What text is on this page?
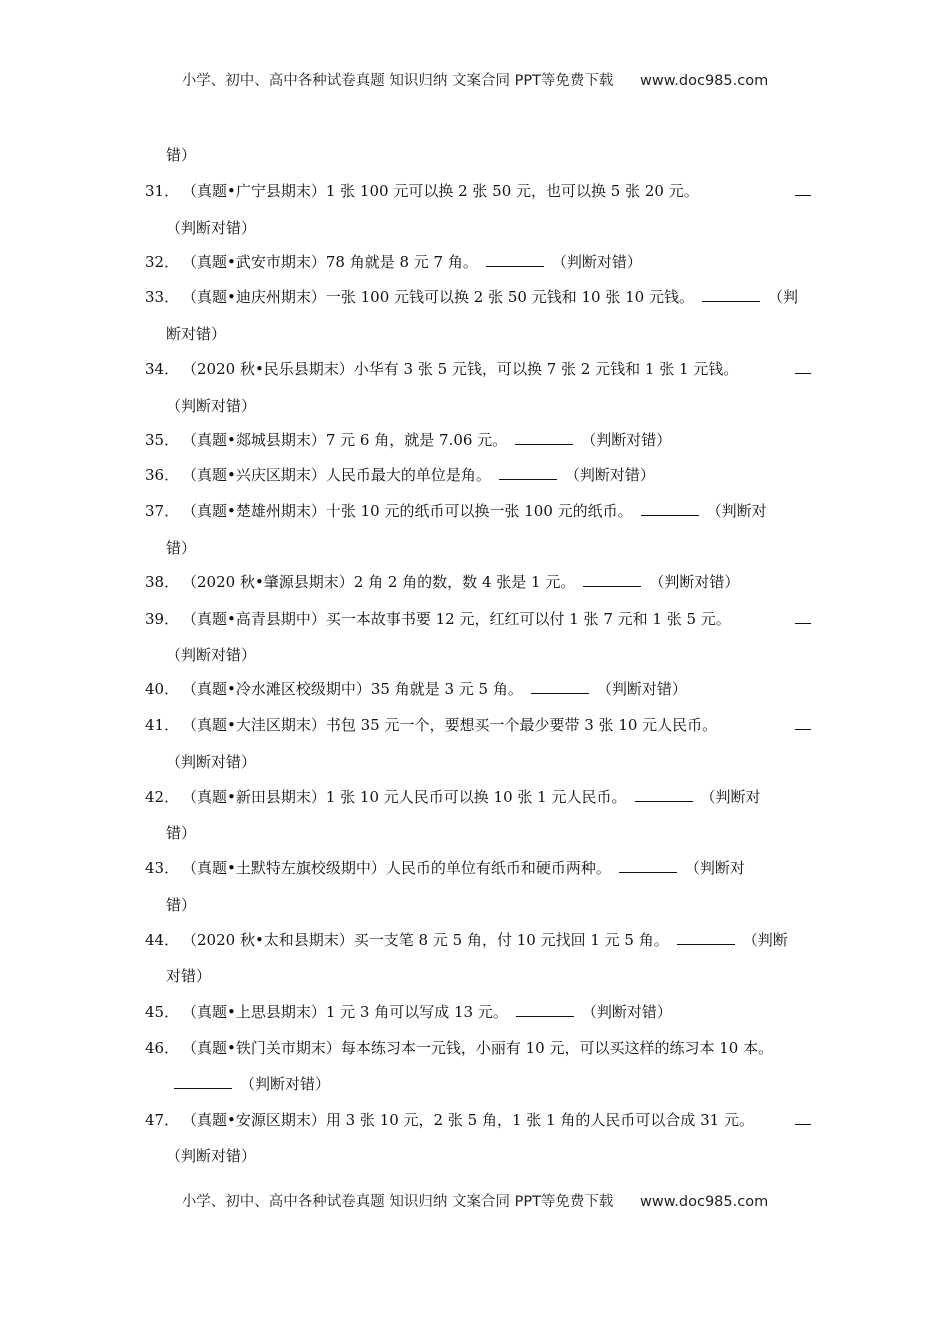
小学、初中、高中各种试卷真题 知识归纳 文案合同 PPT等免费下载 www.doc985.com
错）
31． （真题•广宁县期末）1 张 100 元可以换 2 张 50 元，也可以换 5 张 20 元。
（判断对错）
32． （真题•武安市期末）78 角就是 8 元 7 角。	（判断对错）
33． （真题•迪庆州期末）一张 100 元钱可以换 2 张 50 元钱和 10 张 10 元钱。	（判
断对错）
34． （2020 秋•民乐县期末）小华有 3 张 5 元钱，可以换 7 张 2 元钱和 1 张 1 元钱。
（判断对错）
35． （真题•郯城县期末）7 元 6 角，就是 7.06 元。	（判断对错）
36． （真题•兴庆区期末）人民币最大的单位是角。	（判断对错）
37． （真题•楚雄州期末）十张 10 元的纸币可以换一张 100 元的纸币。	（判断对
错）
38． （2020 秋•肇源县期末）2 角 2 角的数，数 4 张是 1 元。	（判断对错）
39． （真题•高青县期中）买一本故事书要 12 元，红红可以付 1 张 7 元和 1 张 5 元。
（判断对错）
40． （真题•冷水滩区校级期中）35 角就是 3 元 5 角。	（判断对错）
41． （真题•大洼区期末）书包 35 元一个，要想买一个最少要带 3 张 10 元人民币。
（判断对错）
42． （真题•新田县期末）1 张 10 元人民币可以换 10 张 1 元人民币。	（判断对
错）
43． （真题•土默特左旗校级期中）人民币的单位有纸币和硬币两种。	（判断对
错）
44． （2020 秋•太和县期末）买一支笔 8 元 5 角，付 10 元找回 1 元 5 角。	（判断
对错）
45． （真题•上思县期末）1 元 3 角可以写成 13 元。	（判断对错）
46． （真题•铁门关市期末）每本练习本一元钱，小丽有 10 元，可以买这样的练习本 10 本。
（判断对错）
47． （真题•安源区期末）用 3 张 10 元，2 张 5 角，1 张 1 角的人民币可以合成 31 元。
（判断对错）
小学、初中、高中各种试卷真题 知识归纳 文案合同 PPT等免费下载 www.doc985.com
